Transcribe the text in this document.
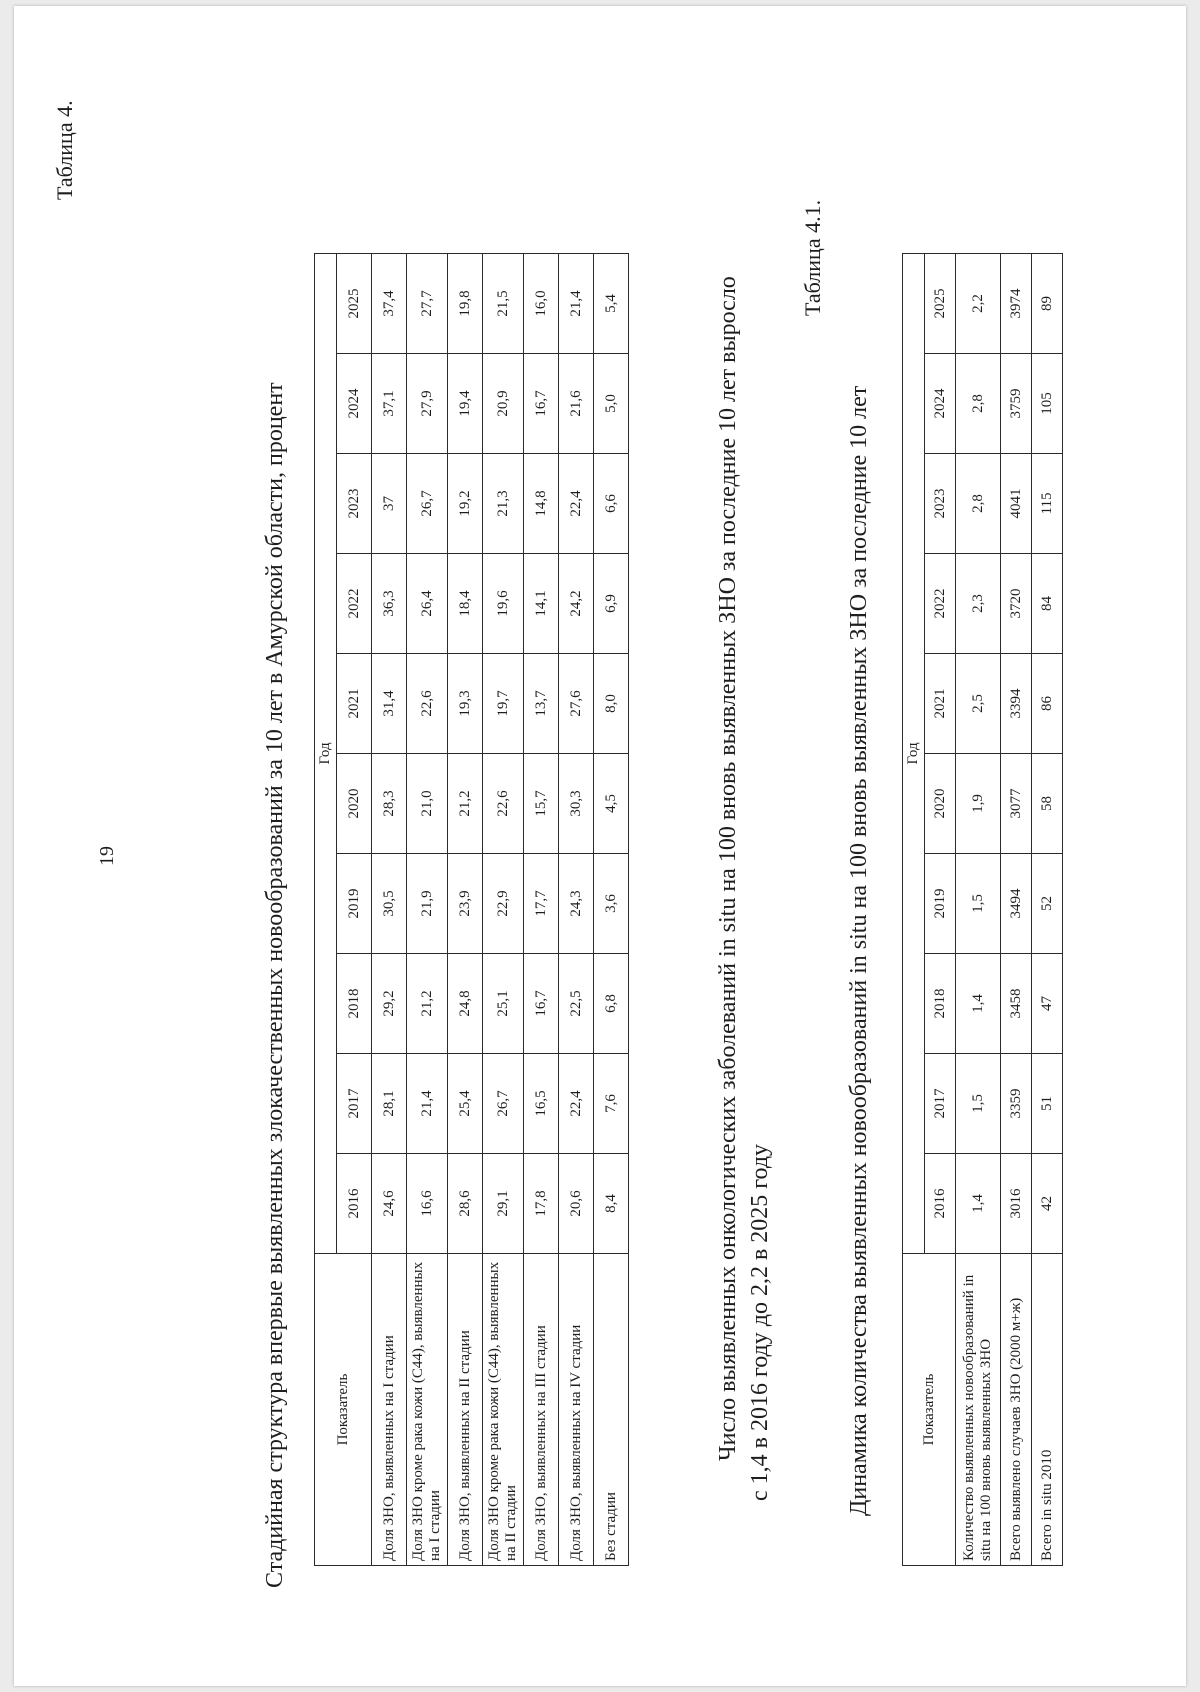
19
Таблица 4.
Стадийная структура впервые выявленных злокачественных новообразований за 10 лет в Амурской области, процент	Показатель	Год									
	2016	2017	2018	2019	2020	2021	2022	2023	2024	2025
Доля ЗНО, выявленных на I стадии	24,6	28,1	29,2	30,5	28,3	31,4	36,3	37	37,1	37,4
Доля ЗНО кроме рака кожи (C44), выявленных на I стадии	16,6	21,4	21,2	21,9	21,0	22,6	26,4	26,7	27,9	27,7
Доля ЗНО, выявленных на II стадии	28,6	25,4	24,8	23,9	21,2	19,3	18,4	19,2	19,4	19,8
Доля ЗНО кроме рака кожи (C44), выявленных на II стадии	29,1	26,7	25,1	22,9	22,6	19,7	19,6	21,3	20,9	21,5
Доля ЗНО, выявленных на III стадии	17,8	16,5	16,7	17,7	15,7	13,7	14,1	14,8	16,7	16,0
Доля ЗНО, выявленных на IV стадии	20,6	22,4	22,5	24,3	30,3	27,6	24,2	22,4	21,6	21,4
Без стадии	8,4	7,6	6,8	3,6	4,5	8,0	6,9	6,6	5,0	5,4	Число выявленных онкологических заболеваний in situ на 100 вновь выявленных ЗНО за последние 10 лет выросло с 1,4 в 2016 году до 2,2 в 2025 году
Таблица 4.1.
Динамика количества выявленных новообразований in situ на 100 вновь выявленных ЗНО за последние 10 лет	Показатель	Год									
	2016	2017	2018	2019	2020	2021	2022	2023	2024	2025
Количество выявленных новообразований in situ на 100 вновь выявленных ЗНО	1,4	1,5	1,4	1,5	1,9	2,5	2,3	2,8	2,8	2,2
Всего выявлено случаев ЗНО (2000 м+ж)	3016	3359	3458	3494	3077	3394	3720	4041	3759	3974
Всего in situ 2010	42	51	47	52	58	86	84	115	105	89
